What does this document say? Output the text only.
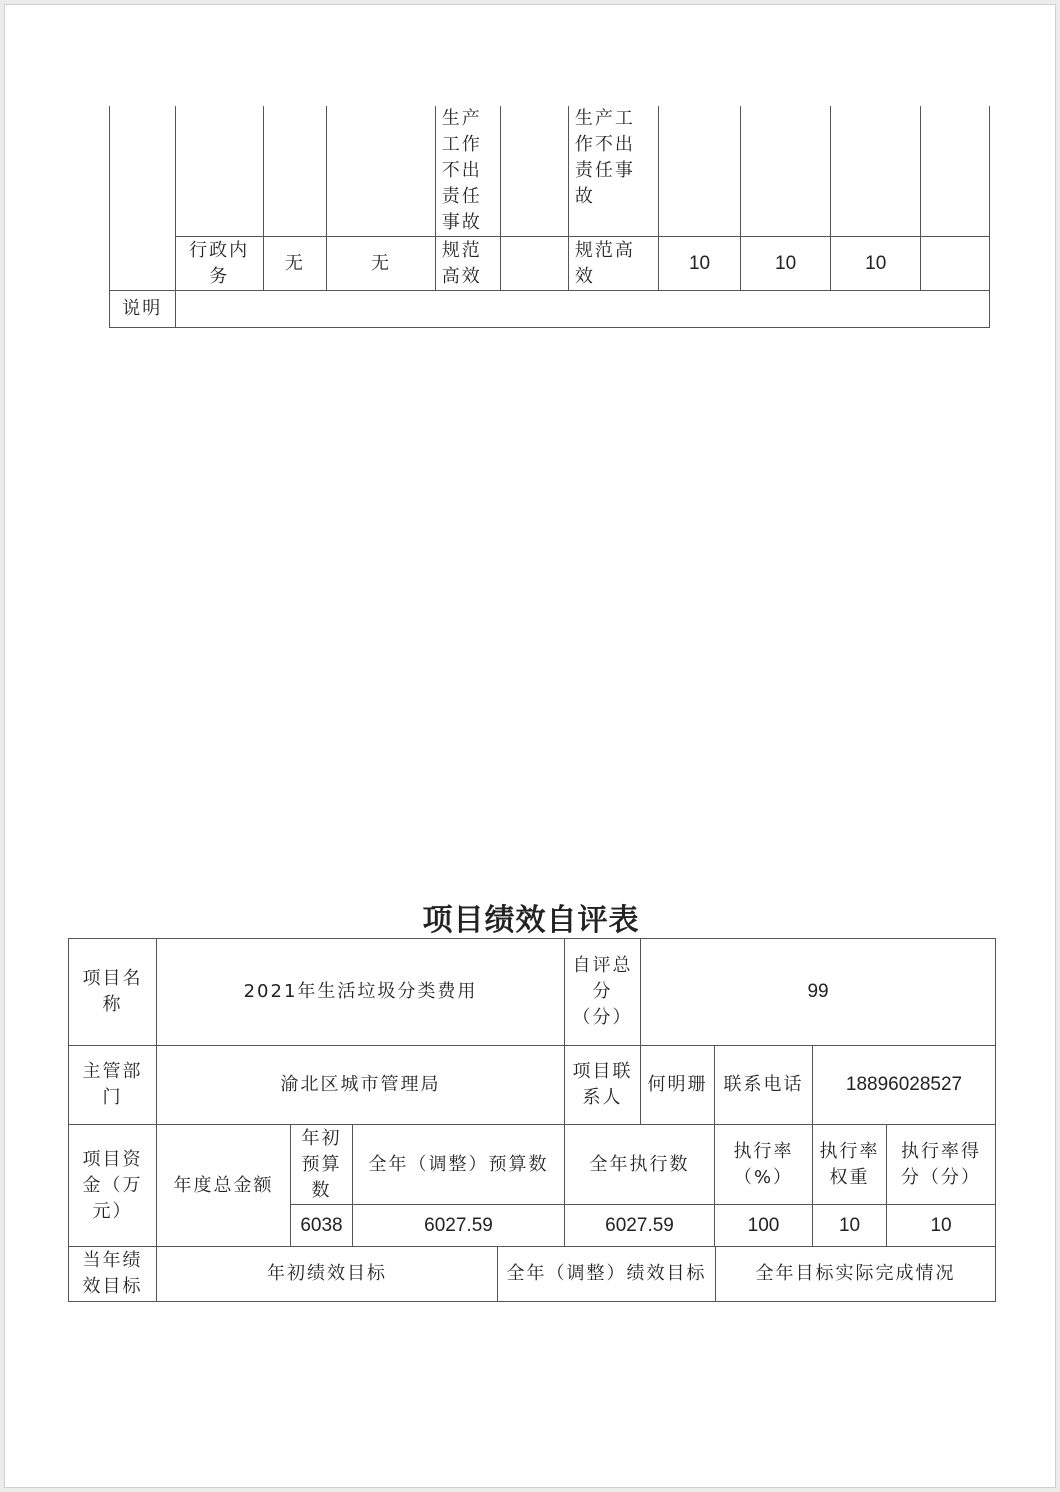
				生产工作不出责任事故		生产工作不出责任事故				
	行政内务	无	无	规范高效		规范高效	10	10	10	
说明										
项目绩效自评表
项目名称	2021年生活垃圾分类费用			自评总分（分）	99			
主管部门	渝北区城市管理局			项目联系人	何明珊	联系电话	18896028527	
项目资金（万元）	年度总金额	年初预算数	全年（调整）预算数	全年执行数		执行率（%）	执行率权重	执行率得分（分）
		6038	6027.59	6027.59		100	10	10
当年绩效目标	年初绩效目标	全年（调整）绩效目标	全年目标实际完成情况
